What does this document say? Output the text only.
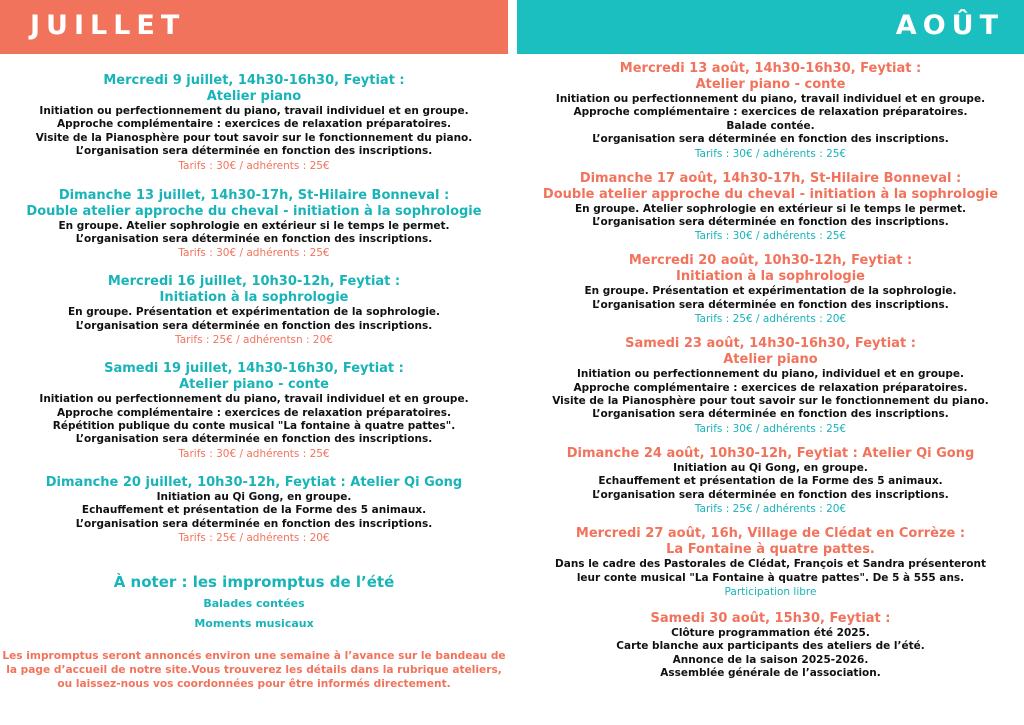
JUILLET
Mercredi 9 juillet, 14h30-16h30, Feytiat :
Atelier piano
Initiation ou perfectionnement du piano, travail individuel et en groupe.
Approche complémentaire : exercices de relaxation préparatoires.
Visite de la Pianosphère pour tout savoir sur le fonctionnement du piano.
L’organisation sera déterminée en fonction des inscriptions.
Tarifs : 30€ / adhérents : 25€
Dimanche 13 juillet, 14h30-17h, St-Hilaire Bonneval :
Double atelier approche du cheval - initiation à la sophrologie
En groupe. Atelier sophrologie en extérieur si le temps le permet.
L’organisation sera déterminée en fonction des inscriptions.
Tarifs : 30€ / adhérents : 25€
Mercredi 16 juillet, 10h30-12h, Feytiat :
Initiation à la sophrologie
En groupe. Présentation et expérimentation de la sophrologie.
L’organisation sera déterminée en fonction des inscriptions.
Tarifs : 25€ / adhérentsn : 20€
Samedi 19 juillet, 14h30-16h30, Feytiat :
Atelier piano - conte
Initiation ou perfectionnement du piano, travail individuel et en groupe.
Approche complémentaire : exercices de relaxation préparatoires.
Répétition publique du conte musical "La fontaine à quatre pattes".
L’organisation sera déterminée en fonction des inscriptions.
Tarifs : 30€ / adhérents : 25€
Dimanche 20 juillet, 10h30-12h, Feytiat : Atelier Qi Gong
Initiation au Qi Gong, en groupe.
Echauffement et présentation de la Forme des 5 animaux.
L’organisation sera déterminée en fonction des inscriptions.
Tarifs : 25€ / adhérents : 20€
À noter : les impromptus de l’été
Balades contées
Moments musicaux
Les impromptus seront annoncés environ une semaine à l’avance sur le bandeau de
la page d’accueil de notre site.Vous trouverez les détails dans la rubrique ateliers,
ou laissez-nous vos coordonnées pour être informés directement.
AOÛT
Mercredi 13 août, 14h30-16h30, Feytiat :
Atelier piano - conte
Initiation ou perfectionnement du piano, travail individuel et en groupe.
Approche complémentaire : exercices de relaxation préparatoires.
Balade contée.
L’organisation sera déterminée en fonction des inscriptions.
Tarifs : 30€ / adhérents : 25€
Dimanche 17 août, 14h30-17h, St-Hilaire Bonneval :
Double atelier approche du cheval - initiation à la sophrologie
En groupe. Atelier sophrologie en extérieur si le temps le permet.
L’organisation sera déterminée en fonction des inscriptions.
Tarifs : 30€ / adhérents : 25€
Mercredi 20 août, 10h30-12h, Feytiat :
Initiation à la sophrologie
En groupe. Présentation et expérimentation de la sophrologie.
L’organisation sera déterminée en fonction des inscriptions.
Tarifs : 25€ / adhérents : 20€
Samedi 23 août, 14h30-16h30, Feytiat :
Atelier piano
Initiation ou perfectionnement du piano, individuel et en groupe.
Approche complémentaire : exercices de relaxation préparatoires.
Visite de la Pianosphère pour tout savoir sur le fonctionnement du piano.
L’organisation sera déterminée en fonction des inscriptions.
Tarifs : 30€ / adhérents : 25€
Dimanche 24 août, 10h30-12h, Feytiat : Atelier Qi Gong
Initiation au Qi Gong, en groupe.
Echauffement et présentation de la Forme des 5 animaux.
L’organisation sera déterminée en fonction des inscriptions.
Tarifs : 25€ / adhérents : 20€
Mercredi 27 août, 16h, Village de Clédat en Corrèze :
La Fontaine à quatre pattes.
Dans le cadre des Pastorales de Clédat, François et Sandra présenteront
leur conte musical "La Fontaine à quatre pattes". De 5 à 555 ans.
Participation libre
Samedi 30 août, 15h30, Feytiat :
Clôture programmation été 2025.
Carte blanche aux participants des ateliers de l’été.
Annonce de la saison 2025-2026.
Assemblée générale de l’association.
